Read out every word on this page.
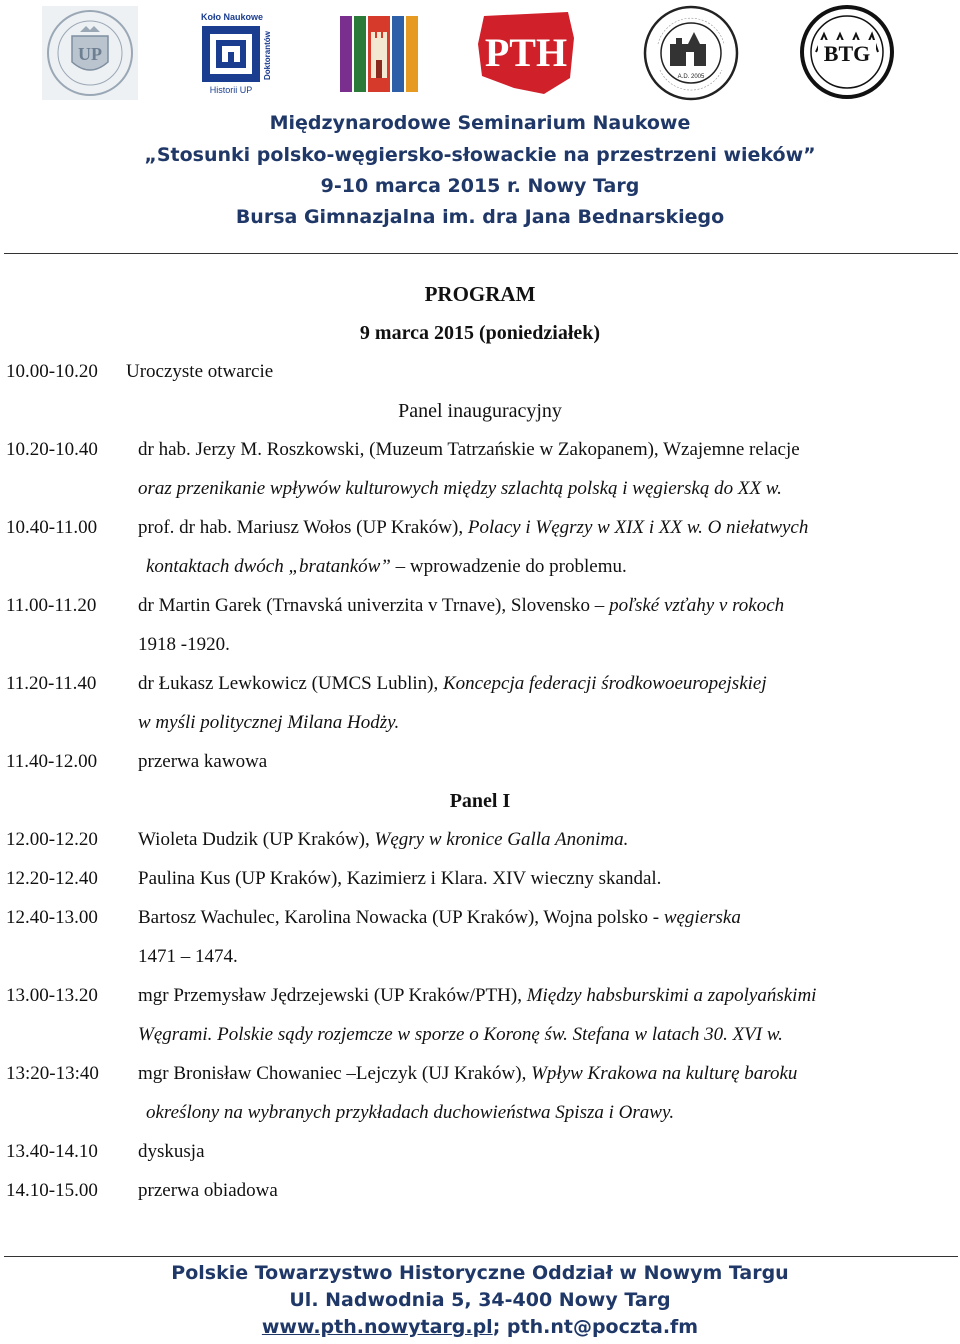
UP
Koło Naukowe
Historii UP
Doktorantów	PTH
A.D. 2005
BTG
Międzynarodowe Seminarium Naukowe
„Stosunki polsko-węgiersko-słowackie na przestrzeni wieków”
9-10 marca 2015 r. Nowy Targ
Bursa Gimnazjalna im. dra Jana Bednarskiego
PROGRAM
9 marca 2015 (poniedziałek)
10.00-10.20 Uroczyste otwarcie
Panel inauguracyjny
10.20-10.40 dr hab. Jerzy M. Roszkowski, (Muzeum Tatrzańskie w Zakopanem), Wzajemne relacje
oraz przenikanie wpływów kulturowych między szlachtą polską i węgierską do XX w.
10.40-11.00 prof. dr hab. Mariusz Wołos (UP Kraków), Polacy i Węgrzy w XIX i XX w. O niełatwych
kontaktach dwóch „bratanków” – wprowadzenie do problemu.
11.00-11.20 dr Martin Garek (Trnavská univerzita v Trnave), Slovensko – poľské vzťahy v rokoch
1918 -1920.
11.20-11.40 dr Łukasz Lewkowicz (UMCS Lublin), Koncepcja federacji środkowoeuropejskiej
w myśli politycznej Milana Hodży.
11.40-12.00 przerwa kawowa
Panel I
12.00-12.20 Wioleta Dudzik (UP Kraków), Węgry w kronice Galla Anonima.
12.20-12.40 Paulina Kus (UP Kraków), Kazimierz i Klara. XIV wieczny skandal.
12.40-13.00 Bartosz Wachulec, Karolina Nowacka (UP Kraków), Wojna polsko - węgierska
1471 – 1474.
13.00-13.20 mgr Przemysław Jędrzejewski (UP Kraków/PTH), Między habsburskimi a zapolyańskimi
Węgrami. Polskie sądy rozjemcze w sporze o Koronę św. Stefana w latach 30. XVI w.
13:20-13:40 mgr Bronisław Chowaniec –Lejczyk (UJ Kraków), Wpływ Krakowa na kulturę baroku
określony na wybranych przykładach duchowieństwa Spisza i Orawy.
13.40-14.10 dyskusja
14.10-15.00 przerwa obiadowa
Polskie Towarzystwo Historyczne Oddział w Nowym Targu
Ul. Nadwodnia 5, 34-400 Nowy Targ
www.pth.nowytarg.pl; pth.nt@poczta.fm
